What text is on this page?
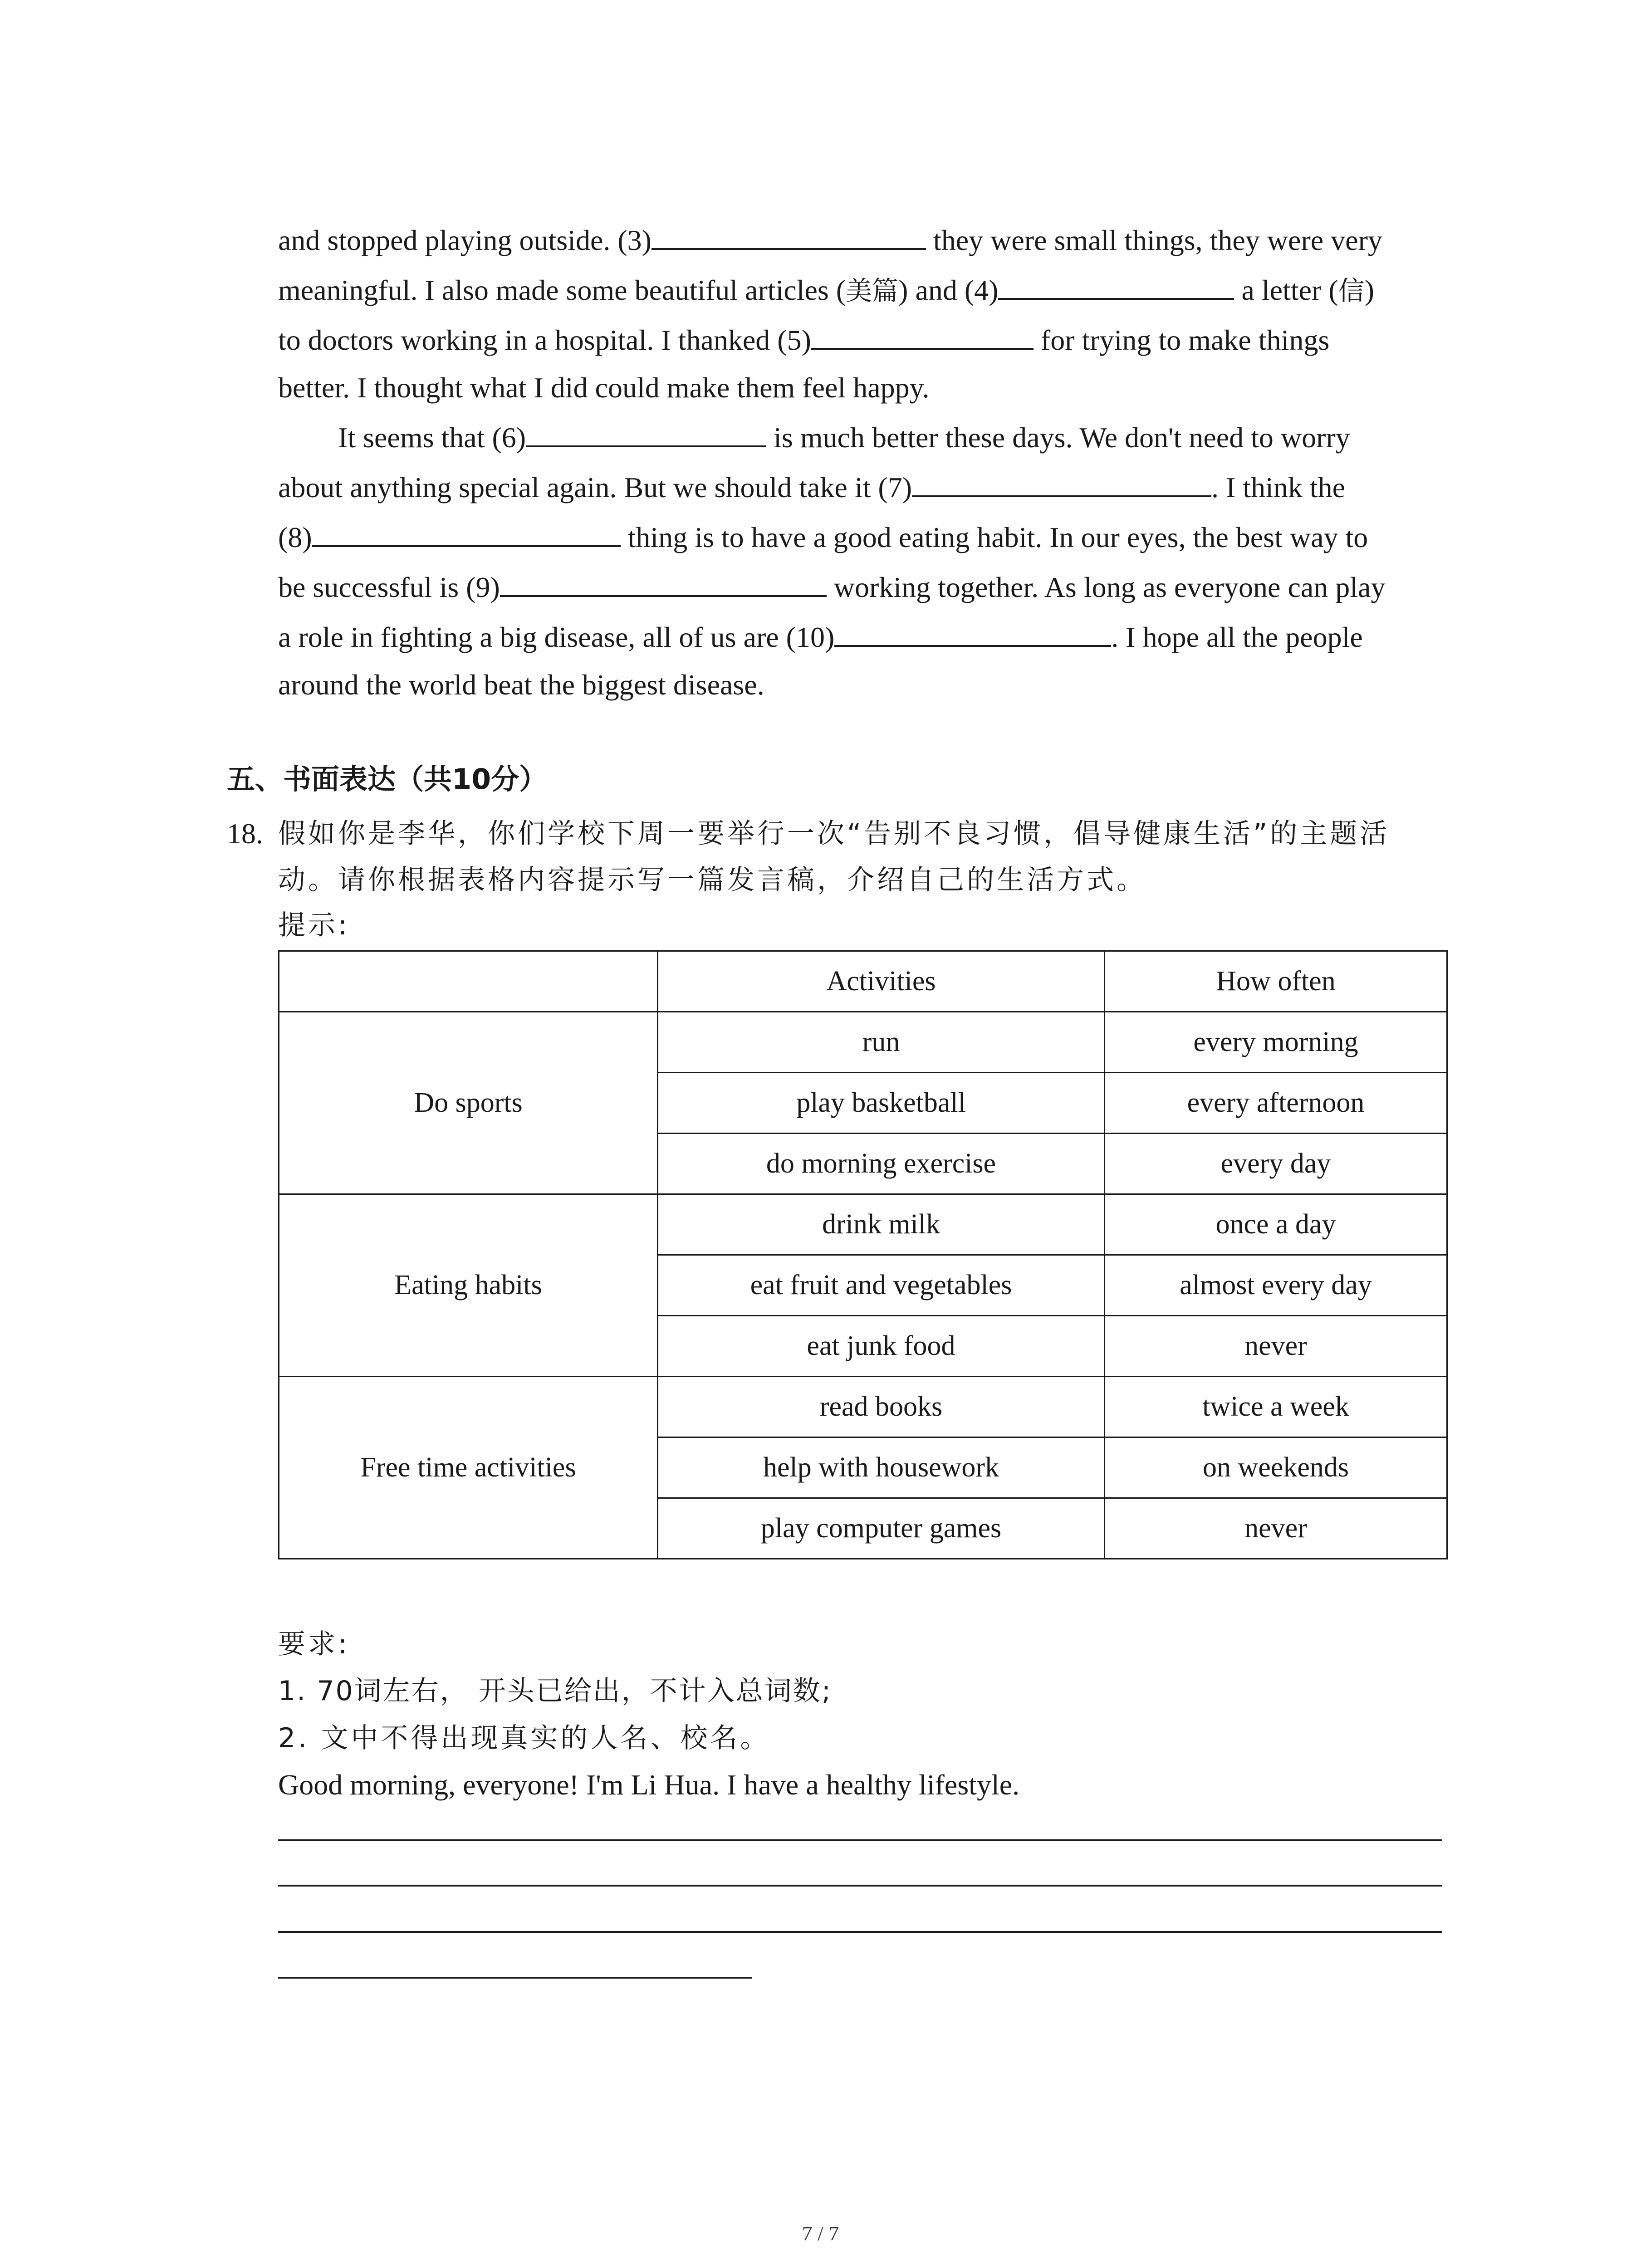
and stopped playing outside. (3)	they were small things, they were very
meaningful. I also made some beautiful articles (美篇) and (4)	a letter (信)
to doctors working in a hospital. I thanked (5)	for trying to make things
better. I thought what I did could make them feel happy.
It seems that (6)	is much better these days. We don't need to worry
about anything special again. But we should take it (7)	. I think the
(8)	thing is to have a good eating habit. In our eyes, the best way to
be successful is (9)	working together. As long as everyone can play
a role in fighting a big disease, all of us are (10)	. I hope all the people
around the world beat the biggest disease.
五、书面表达（共10分）
18. 假如你是李华，你们学校下周一要举行一次“告别不良习惯，倡导健康生活”的主题活
动。请你根据表格内容提示写一篇发言稿，介绍自己的生活方式。
提示:
	Activities	How often
Do sports	run	every morning
	play basketball	every afternoon
	do morning exercise	every day
Eating habits	drink milk	once a day
	eat fruit and vegetables	almost every day
	eat junk food	never
Free time activities	read books	twice a week
	help with housework	on weekends
	play computer games	never
要求:
1. 70词左右， 开头已给出，不计入总词数;
2. 文中不得出现真实的人名、校名。
Good morning, everyone! I'm Li Hua. I have a healthy lifestyle.
7 / 7
